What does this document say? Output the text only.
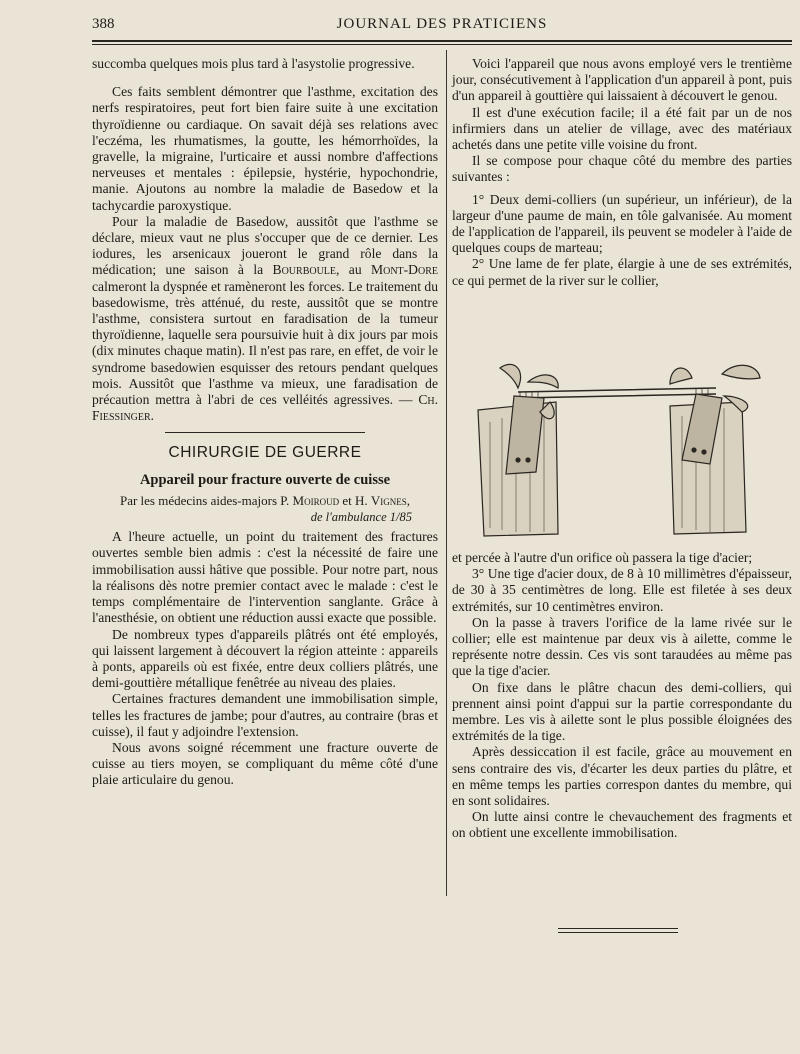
388	JOURNAL DES PRATICIENS

succomba quelques mois plus tard à l'asystolie progressive.

Ces faits semblent démontrer que l'asthme, excitation des nerfs respiratoires, peut fort bien faire suite à une excitation thyroïdienne ou cardiaque. On savait déjà ses relations avec l'eczéma, les rhumatismes, la goutte, les hémorrhoïdes, la gravelle, la migraine, l'urticaire et aussi nombre d'affections nerveuses et mentales : épilepsie, hystérie, hypochondrie, manie. Ajoutons au nombre la maladie de Basedow et la tachycardie paroxystique.

Pour la maladie de Basedow, aussitôt que l'asthme se déclare, mieux vaut ne plus s'occuper que de ce dernier. Les iodures, les arsenicaux joueront le grand rôle dans la médication; une saison à la Bourboule, au Mont-Dore calmeront la dyspnée et ramèneront les forces. Le traitement du basedowisme, très atténué, du reste, aussitôt que se montre l'asthme, consistera surtout en faradisation de la tumeur thyroïdienne, laquelle sera poursuivie huit à dix jours par mois (dix minutes chaque matin). Il n'est pas rare, en effet, de voir le syndrome basedowien esquisser des retours pendant quelques mois. Aussitôt que l'asthme va mieux, une faradisation de précaution mettra à l'abri de ces velléités agressives. — Ch. Fiessinger.

CHIRURGIE DE GUERRE
Appareil pour fracture ouverte de cuisse
Par les médecins aides-majors P. Moiroud et H. Vignes,
de l'ambulance 1/85

A l'heure actuelle, un point du traitement des fractures ouvertes semble bien admis : c'est la nécessité de faire une immobilisation aussi hâtive que possible. Pour notre part, nous la réalisons dès notre premier contact avec le malade : c'est le temps complémentaire de l'intervention sanglante. Grâce à l'anesthésie, on obtient une réduction aussi exacte que possible.

De nombreux types d'appareils plâtrés ont été employés, qui laissent largement à découvert la région atteinte : appareils à ponts, appareils où est fixée, entre deux colliers plâtrés, une demi-gouttière métallique fenêtrée au niveau des plaies.

Certaines fractures demandent une immobilisation simple, telles les fractures de jambe; pour d'autres, au contraire (bras et cuisse), il faut y adjoindre l'extension.

Nous avons soigné récemment une fracture ouverte de cuisse au tiers moyen, se compliquant du même côté d'une plaie articulaire du genou.

Voici l'appareil que nous avons employé vers le trentième jour, consécutivement à l'application d'un appareil à pont, puis d'un appareil à gouttière qui laissaient à découvert le genou.

Il est d'une exécution facile; il a été fait par un de nos infirmiers dans un atelier de village, avec des matériaux achetés dans une petite ville voisine du front.

Il se compose pour chaque côté du membre des parties suivantes :

1° Deux demi-colliers (un supérieur, un inférieur), de la largeur d'une paume de main, en tôle galvanisée. Au moment de l'application de l'appareil, ils peuvent se modeler à l'aide de quelques coups de marteau;

2° Une lame de fer plate, élargie à une de ses extrémités, ce qui permet de la river sur le collier,

et percée à l'autre d'un orifice où passera la tige d'acier;

3° Une tige d'acier doux, de 8 à 10 millimètres d'épaisseur, de 30 à 35 centimètres de long. Elle est filetée à ses deux extrémités, sur 10 centimètres environ.

On la passe à travers l'orifice de la lame rivée sur le collier; elle est maintenue par deux vis à ailette, comme le représente notre dessin. Ces vis sont taraudées au même pas que la tige d'acier.

On fixe dans le plâtre chacun des demi-colliers, qui prennent ainsi point d'appui sur la partie correspondante du membre. Les vis à ailette sont le plus possible éloignées des extrémités de la tige.

Après dessiccation il est facile, grâce au mouvement en sens contraire des vis, d'écarter les deux parties du plâtre, et en même temps les parties correspon dantes du membre, qui en sont solidaires.

On lutte ainsi contre le chevauchement des fragments et on obtient une excellente immobilisation.
